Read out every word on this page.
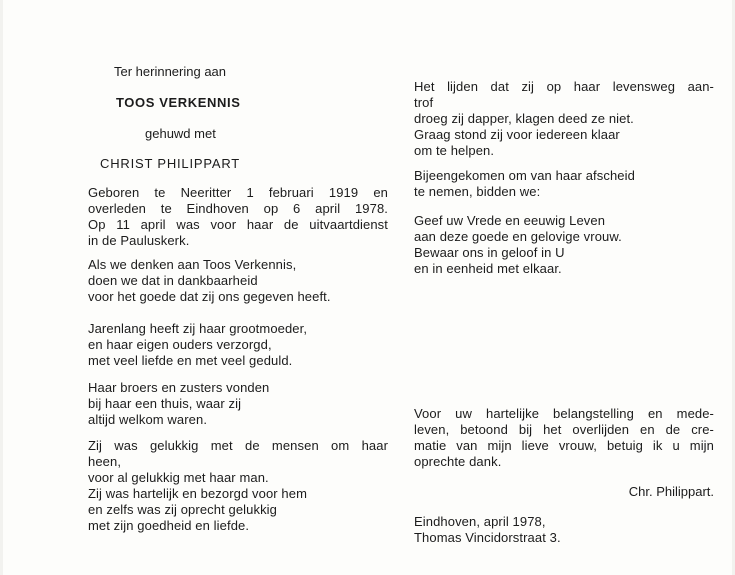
Ter herinnering aan
TOOS VERKENNIS
gehuwd met
CHRIST PHILIPPART
Geboren te Neeritter 1 februari 1919 en
overleden te Eindhoven op 6 april 1978.
Op 11 april was voor haar de uitvaartdienst
in de Pauluskerk.
Als we denken aan Toos Verkennis,
doen we dat in dankbaarheid
voor het goede dat zij ons gegeven heeft.
Jarenlang heeft zij haar grootmoeder,
en haar eigen ouders verzorgd,
met veel liefde en met veel geduld.
Haar broers en zusters vonden
bij haar een thuis, waar zij
altijd welkom waren.
Zij was gelukkig met de mensen om haar
heen,
voor al gelukkig met haar man.
Zij was hartelijk en bezorgd voor hem
en zelfs was zij oprecht gelukkig
met zijn goedheid en liefde.
Het lijden dat zij op haar levensweg aan-
trof
droeg zij dapper, klagen deed ze niet.
Graag stond zij voor iedereen klaar
om te helpen.
Bijeengekomen om van haar afscheid
te nemen, bidden we:
Geef uw Vrede en eeuwig Leven
aan deze goede en gelovige vrouw.
Bewaar ons in geloof in U
en in eenheid met elkaar.
Voor uw hartelijke belangstelling en mede-
leven, betoond bij het overlijden en de cre-
matie van mijn lieve vrouw, betuig ik u mijn
oprechte dank.
Chr. Philippart.
Eindhoven, april 1978,
Thomas Vincidorstraat 3.
